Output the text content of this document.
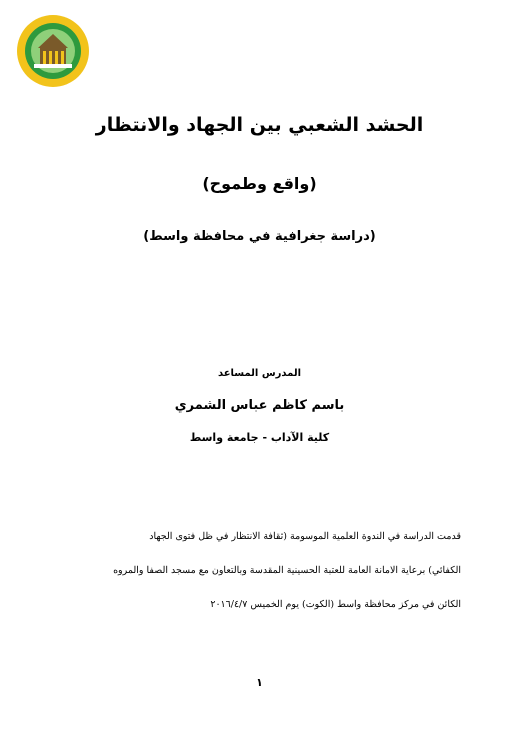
الحشد الشعبي بين الجهاد والانتظار
(واقع وطموح)
(دراسة جغرافية في محافظة واسط)
المدرس المساعد
باسم كاظم عباس الشمري
كلية الآداب - جامعة واسط
قدمت الدراسة في الندوة العلمية الموسومة (ثقافة الانتظار في ظل فتوى الجهاد
الكفائي) برعاية الامانة العامة للعتبة الحسينية المقدسة وبالتعاون مع مسجد الصفا والمروه
الكائن في مركز محافظة واسط (الكوت) يوم الخميس ٢٠١٦/٤/٧
١
